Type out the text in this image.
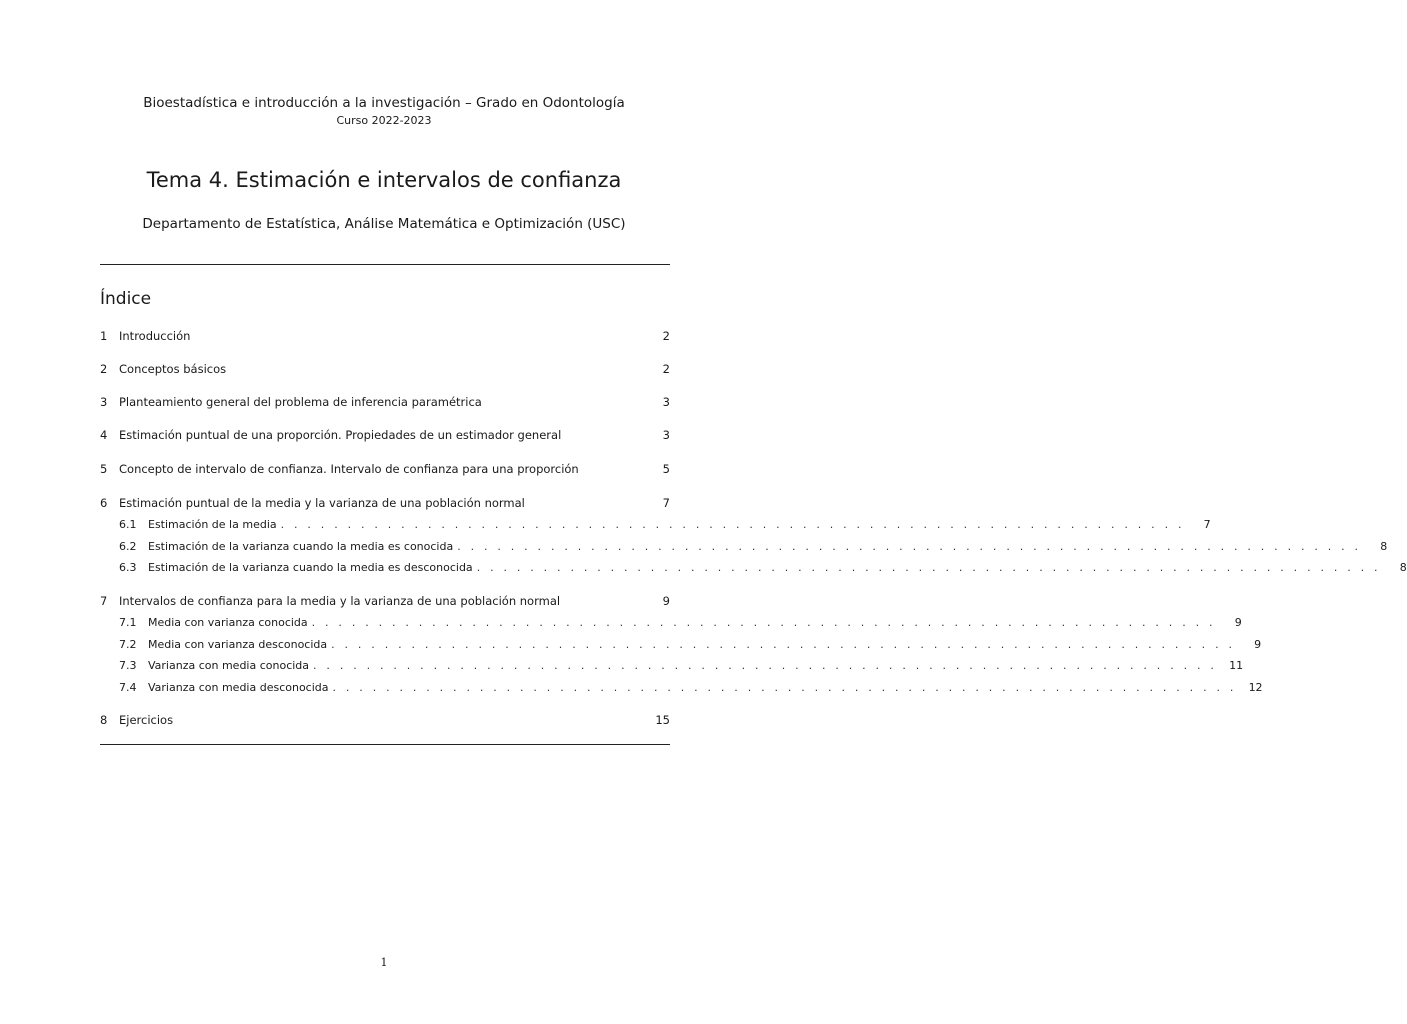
Bioestadística e introducción a la investigación – Grado en Odontología
Curso 2022-2023
Tema 4. Estimación e intervalos de confianza
Departamento de Estatística, Análise Matemática e Optimización (USC)
Índice
1	Introducción	2
2	Conceptos básicos	2
3	Planteamiento general del problema de inferencia paramétrica	3
4	Estimación puntual de una proporción. Propiedades de un estimador general	3
5	Concepto de intervalo de confianza. Intervalo de confianza para una proporción	5
6	Estimación puntual de la media y la varianza de una población normal	7
6.1	Estimación de la media . . . . . . . . . . . . . . . . . . . . . . . . . . . . . . . . . . . . . . . . . . . . . . . . . . . . . . . . . . . . . . . . . . . .	7
6.2	Estimación de la varianza cuando la media es conocida . . . . . . . . . . . . . . . . . . . . . . . . . . . . . . . . . . . . . . . . . . . . . . . . . . . . . . . . . . . . . . . . . . . .	8
6.3	Estimación de la varianza cuando la media es desconocida . . . . . . . . . . . . . . . . . . . . . . . . . . . . . . . . . . . . . . . . . . . . . . . . . . . . . . . . . . . . . . . . . . . .	8
7	Intervalos de confianza para la media y la varianza de una población normal	9
7.1	Media con varianza conocida . . . . . . . . . . . . . . . . . . . . . . . . . . . . . . . . . . . . . . . . . . . . . . . . . . . . . . . . . . . . . . . . . . . .	9
7.2	Media con varianza desconocida . . . . . . . . . . . . . . . . . . . . . . . . . . . . . . . . . . . . . . . . . . . . . . . . . . . . . . . . . . . . . . . . . . . .	9
7.3	Varianza con media conocida . . . . . . . . . . . . . . . . . . . . . . . . . . . . . . . . . . . . . . . . . . . . . . . . . . . . . . . . . . . . . . . . . . . .	11
7.4	Varianza con media desconocida . . . . . . . . . . . . . . . . . . . . . . . . . . . . . . . . . . . . . . . . . . . . . . . . . . . . . . . . . . . . . . . . . . . .	12
8	Ejercicios	15
1
